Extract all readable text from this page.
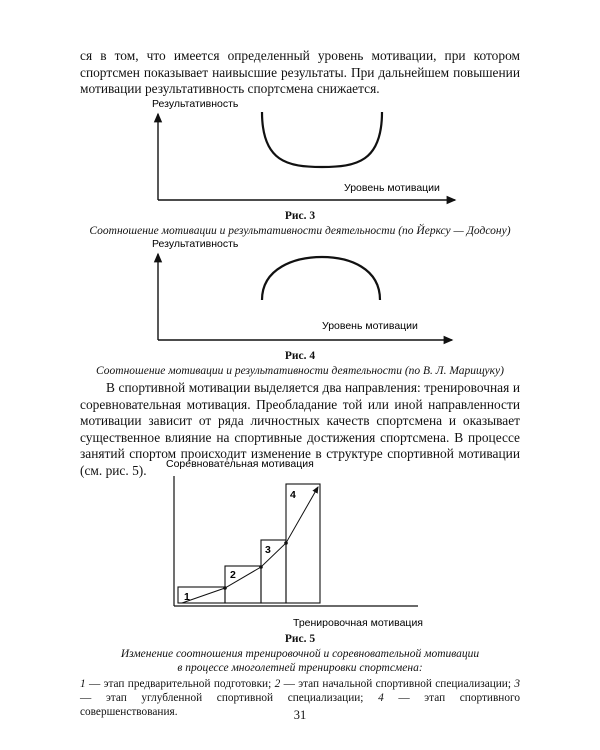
ся в том, что имеется определенный уровень мотивации, при котором спортсмен показывает наивысшие результаты. При дальнейшем повышении мотивации результативность спортсмена снижается.

Результативность
Уровень мотивации
Результативность
Уровень мотивации
Соревновательная мотивация
Тренировочная мотивация
1
2
3
4

Рис. 3

Соотношение мотивации и результативности деятельности (по Йерксу — Додсону)

Рис. 4

Соотношение мотивации и результативности деятельности (по В. Л. Марищуку)

В спортивной мотивации выделяется два направления: тренировочная и соревновательная мотивация. Преобладание той или иной направленности мотивации зависит от ряда личностных качеств спортсмена и оказывает существенное влияние на спортивные достижения спортсмена. В процессе занятий спортом происходит изменение в структуре спортивной мотивации (см. рис. 5).

Рис. 5

Изменение соотношения тренировочной и соревновательной мотивации

в процессе многолетней тренировки спортсмена:

1 — этап предварительной подготовки; 2 — этап начальной спортивной специализации; 3 — этап углубленной спортивной специализации; 4 — этап спортивного совершенствования.	31
